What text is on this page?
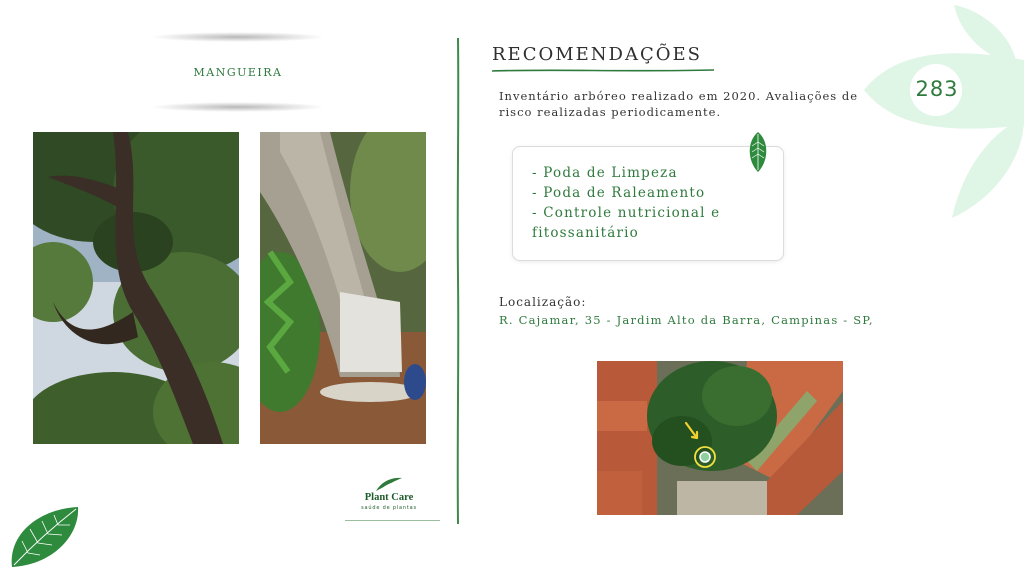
MANGUEIRA
RECOMENDAÇÕES
Inventário arbóreo realizado em 2020. Avaliações de risco realizadas periodicamente.
- Poda de Limpeza
- Poda de Raleamento
- Controle nutricional e
fitossanitário
Localização:
R. Cajamar, 35 - Jardim Alto da Barra, Campinas - SP,
283
Plant Care
saúde de plantas
